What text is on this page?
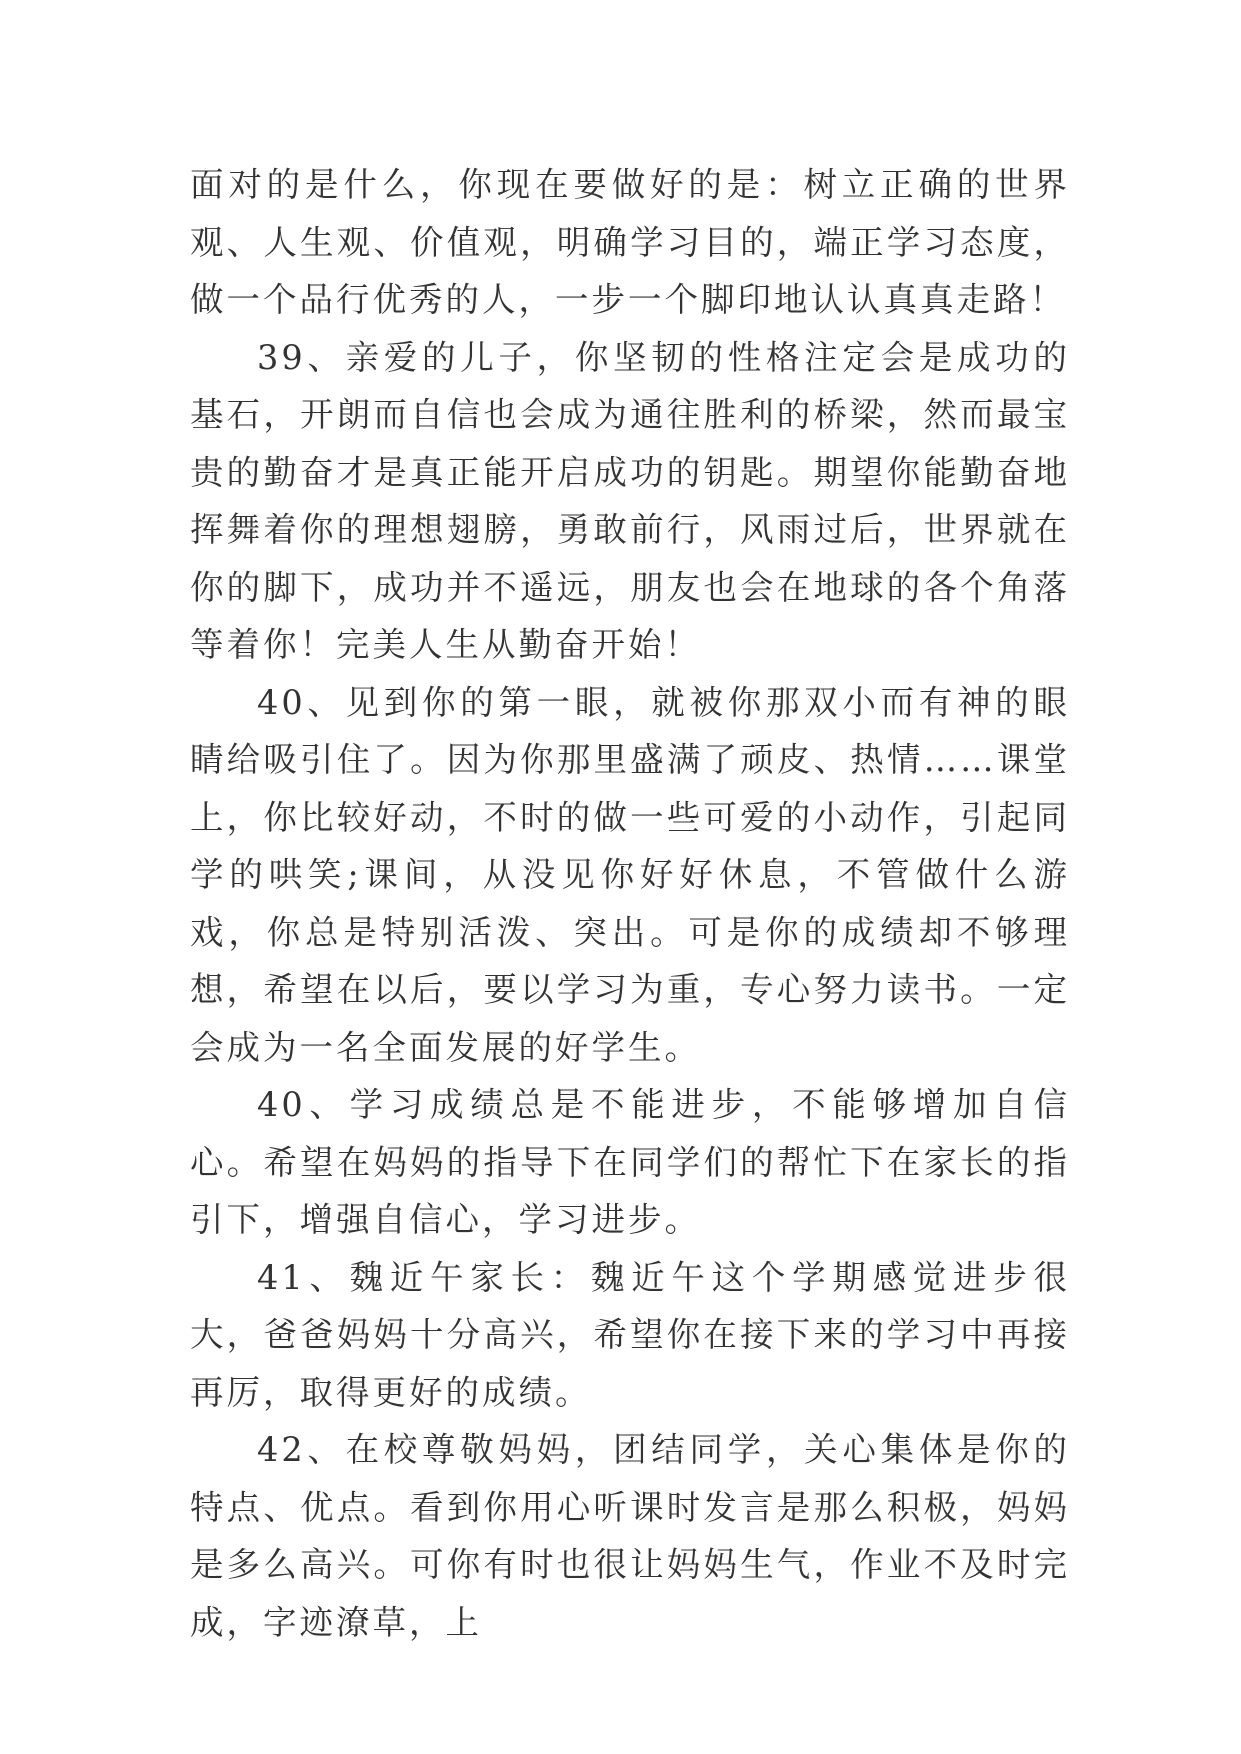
面对的是什么，你现在要做好的是：树立正确的世界观、人生观、价值观，明确学习目的，端正学习态度，做一个品行优秀的人，一步一个脚印地认认真真走路！

39、亲爱的儿子，你坚韧的性格注定会是成功的基石，开朗而自信也会成为通往胜利的桥梁，然而最宝贵的勤奋才是真正能开启成功的钥匙。期望你能勤奋地挥舞着你的理想翅膀，勇敢前行，风雨过后，世界就在你的脚下，成功并不遥远，朋友也会在地球的各个角落等着你！完美人生从勤奋开始！

40、见到你的第一眼，就被你那双小而有神的眼睛给吸引住了。因为你那里盛满了顽皮、热情……课堂上，你比较好动，不时的做一些可爱的小动作，引起同学的哄笑;课间，从没见你好好休息，不管做什么游戏，你总是特别活泼、突出。可是你的成绩却不够理想，希望在以后，要以学习为重，专心努力读书。一定会成为一名全面发展的好学生。

40、学习成绩总是不能进步，不能够增加自信心。希望在妈妈的指导下在同学们的帮忙下在家长的指引下，增强自信心，学习进步。

41、魏近午家长：魏近午这个学期感觉进步很大，爸爸妈妈十分高兴，希望你在接下来的学习中再接再厉，取得更好的成绩。

42、在校尊敬妈妈，团结同学，关心集体是你的特点、优点。看到你用心听课时发言是那么积极，妈妈是多么高兴。可你有时也很让妈妈生气，作业不及时完成，字迹潦草，上
